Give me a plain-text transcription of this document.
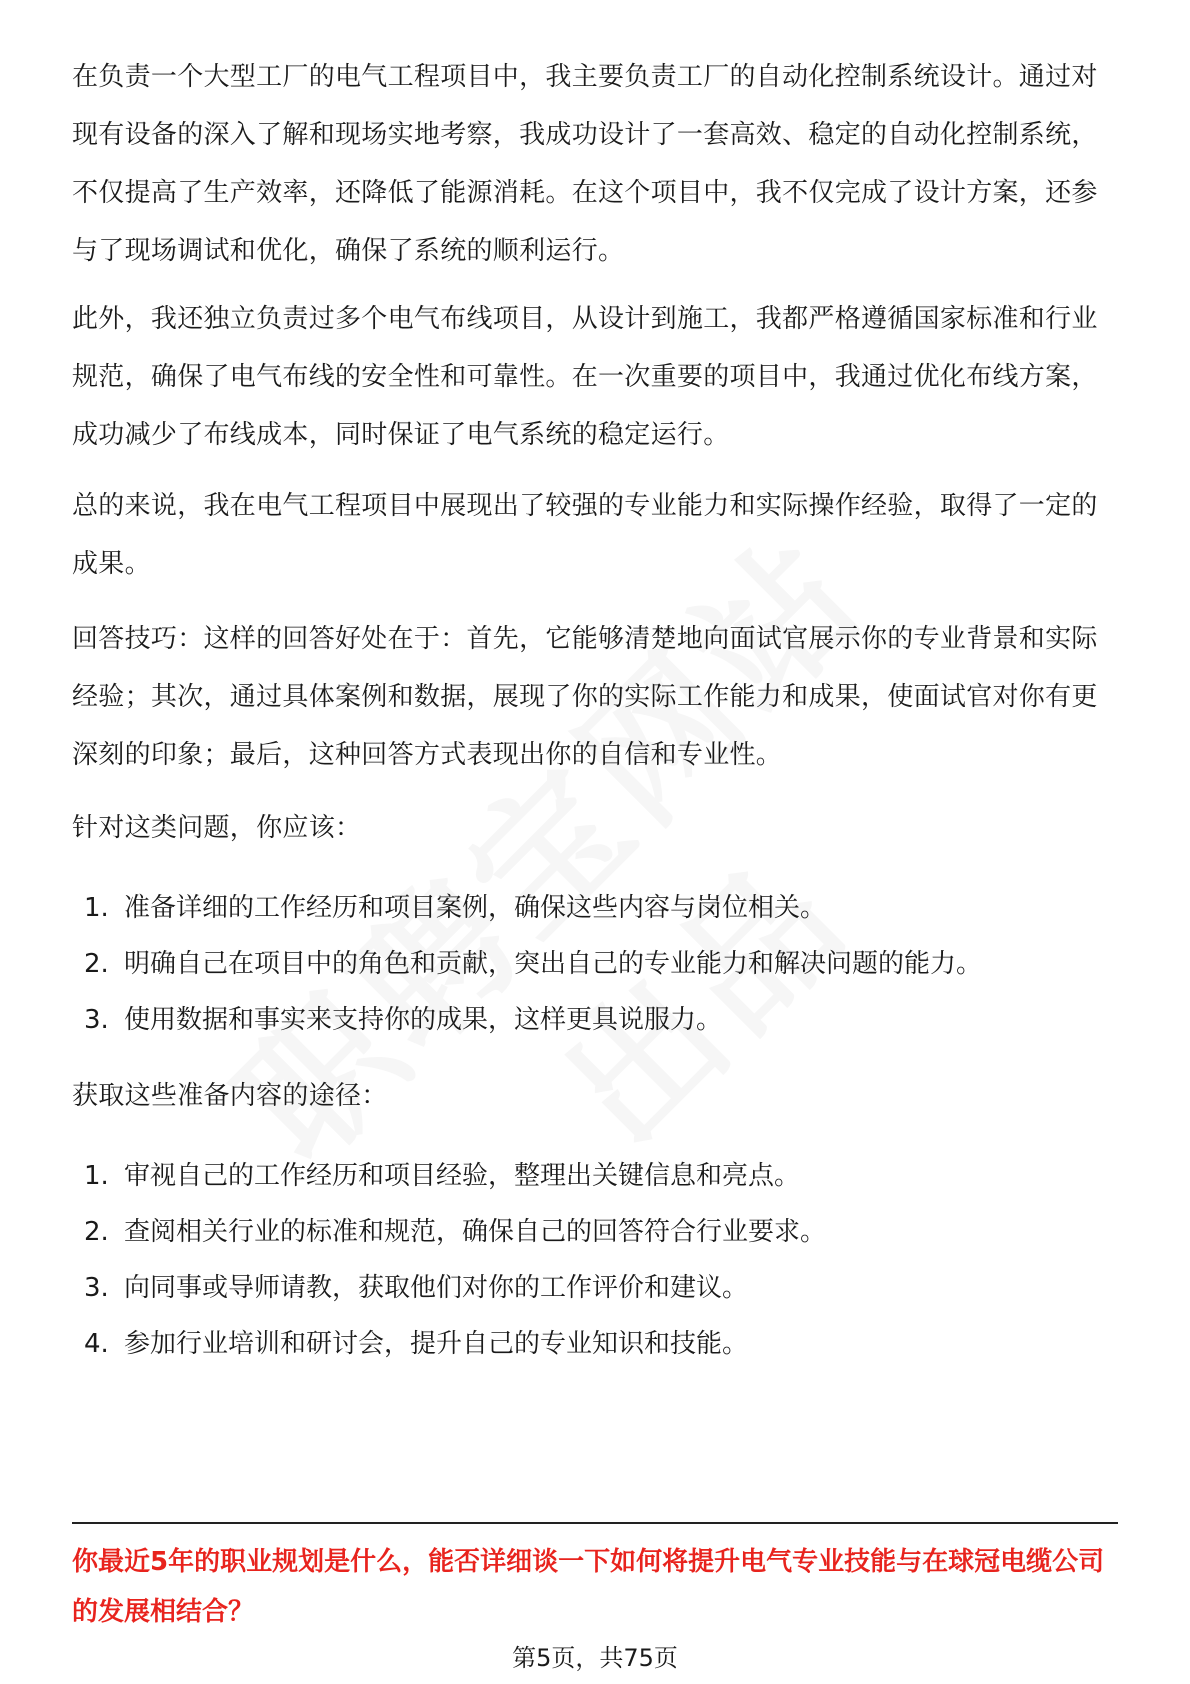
在负责一个大型工厂的电气工程项目中，我主要负责工厂的自动化控制系统设计。通过对现有设备的深入了解和现场实地考察，我成功设计了一套高效、稳定的自动化控制系统，不仅提高了生产效率，还降低了能源消耗。在这个项目中，我不仅完成了设计方案，还参与了现场调试和优化，确保了系统的顺利运行。

此外，我还独立负责过多个电气布线项目，从设计到施工，我都严格遵循国家标准和行业规范，确保了电气布线的安全性和可靠性。在一次重要的项目中，我通过优化布线方案，成功减少了布线成本，同时保证了电气系统的稳定运行。

总的来说，我在电气工程项目中展现出了较强的专业能力和实际操作经验，取得了一定的成果。

回答技巧：这样的回答好处在于：首先，它能够清楚地向面试官展示你的专业背景和实际经验；其次，通过具体案例和数据，展现了你的实际工作能力和成果，使面试官对你有更深刻的印象；最后，这种回答方式表现出你的自信和专业性。

针对这类问题，你应该：

1. 准备详细的工作经历和项目案例，确保这些内容与岗位相关。
2. 明确自己在项目中的角色和贡献，突出自己的专业能力和解决问题的能力。
3. 使用数据和事实来支持你的成果，这样更具说服力。

获取这些准备内容的途径：

1. 审视自己的工作经历和项目经验，整理出关键信息和亮点。
2. 查阅相关行业的标准和规范，确保自己的回答符合行业要求。
3. 向同事或导师请教，获取他们对你的工作评价和建议。
4. 参加行业培训和研讨会，提升自己的专业知识和技能。

你最近5年的职业规划是什么，能否详细谈一下如何将提升电气专业技能与在球冠电缆公司的发展相结合？

第5页，共75页
